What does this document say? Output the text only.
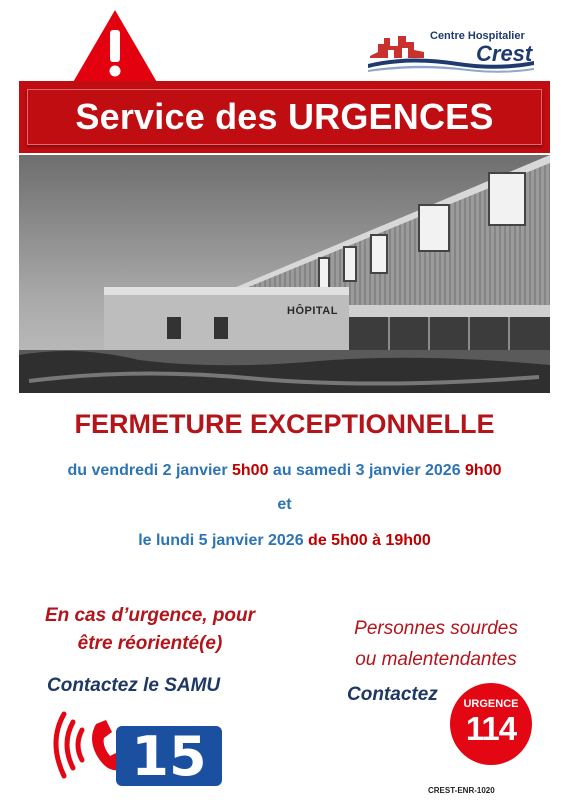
Centre Hospitalier
Crest
Service des URGENCES
HÔPITAL
FERMETURE EXCEPTIONNELLE
du vendredi 2 janvier 5h00 au samedi 3 janvier 2026 9h00
et
le lundi 5 janvier 2026 de 5h00 à 19h00
En cas d’urgence, pour
être réorienté(e)
Contactez le SAMU
15
Personnes sourdes
ou malentendantes
Contactez	URGENCE
114
CREST-ENR-1020
